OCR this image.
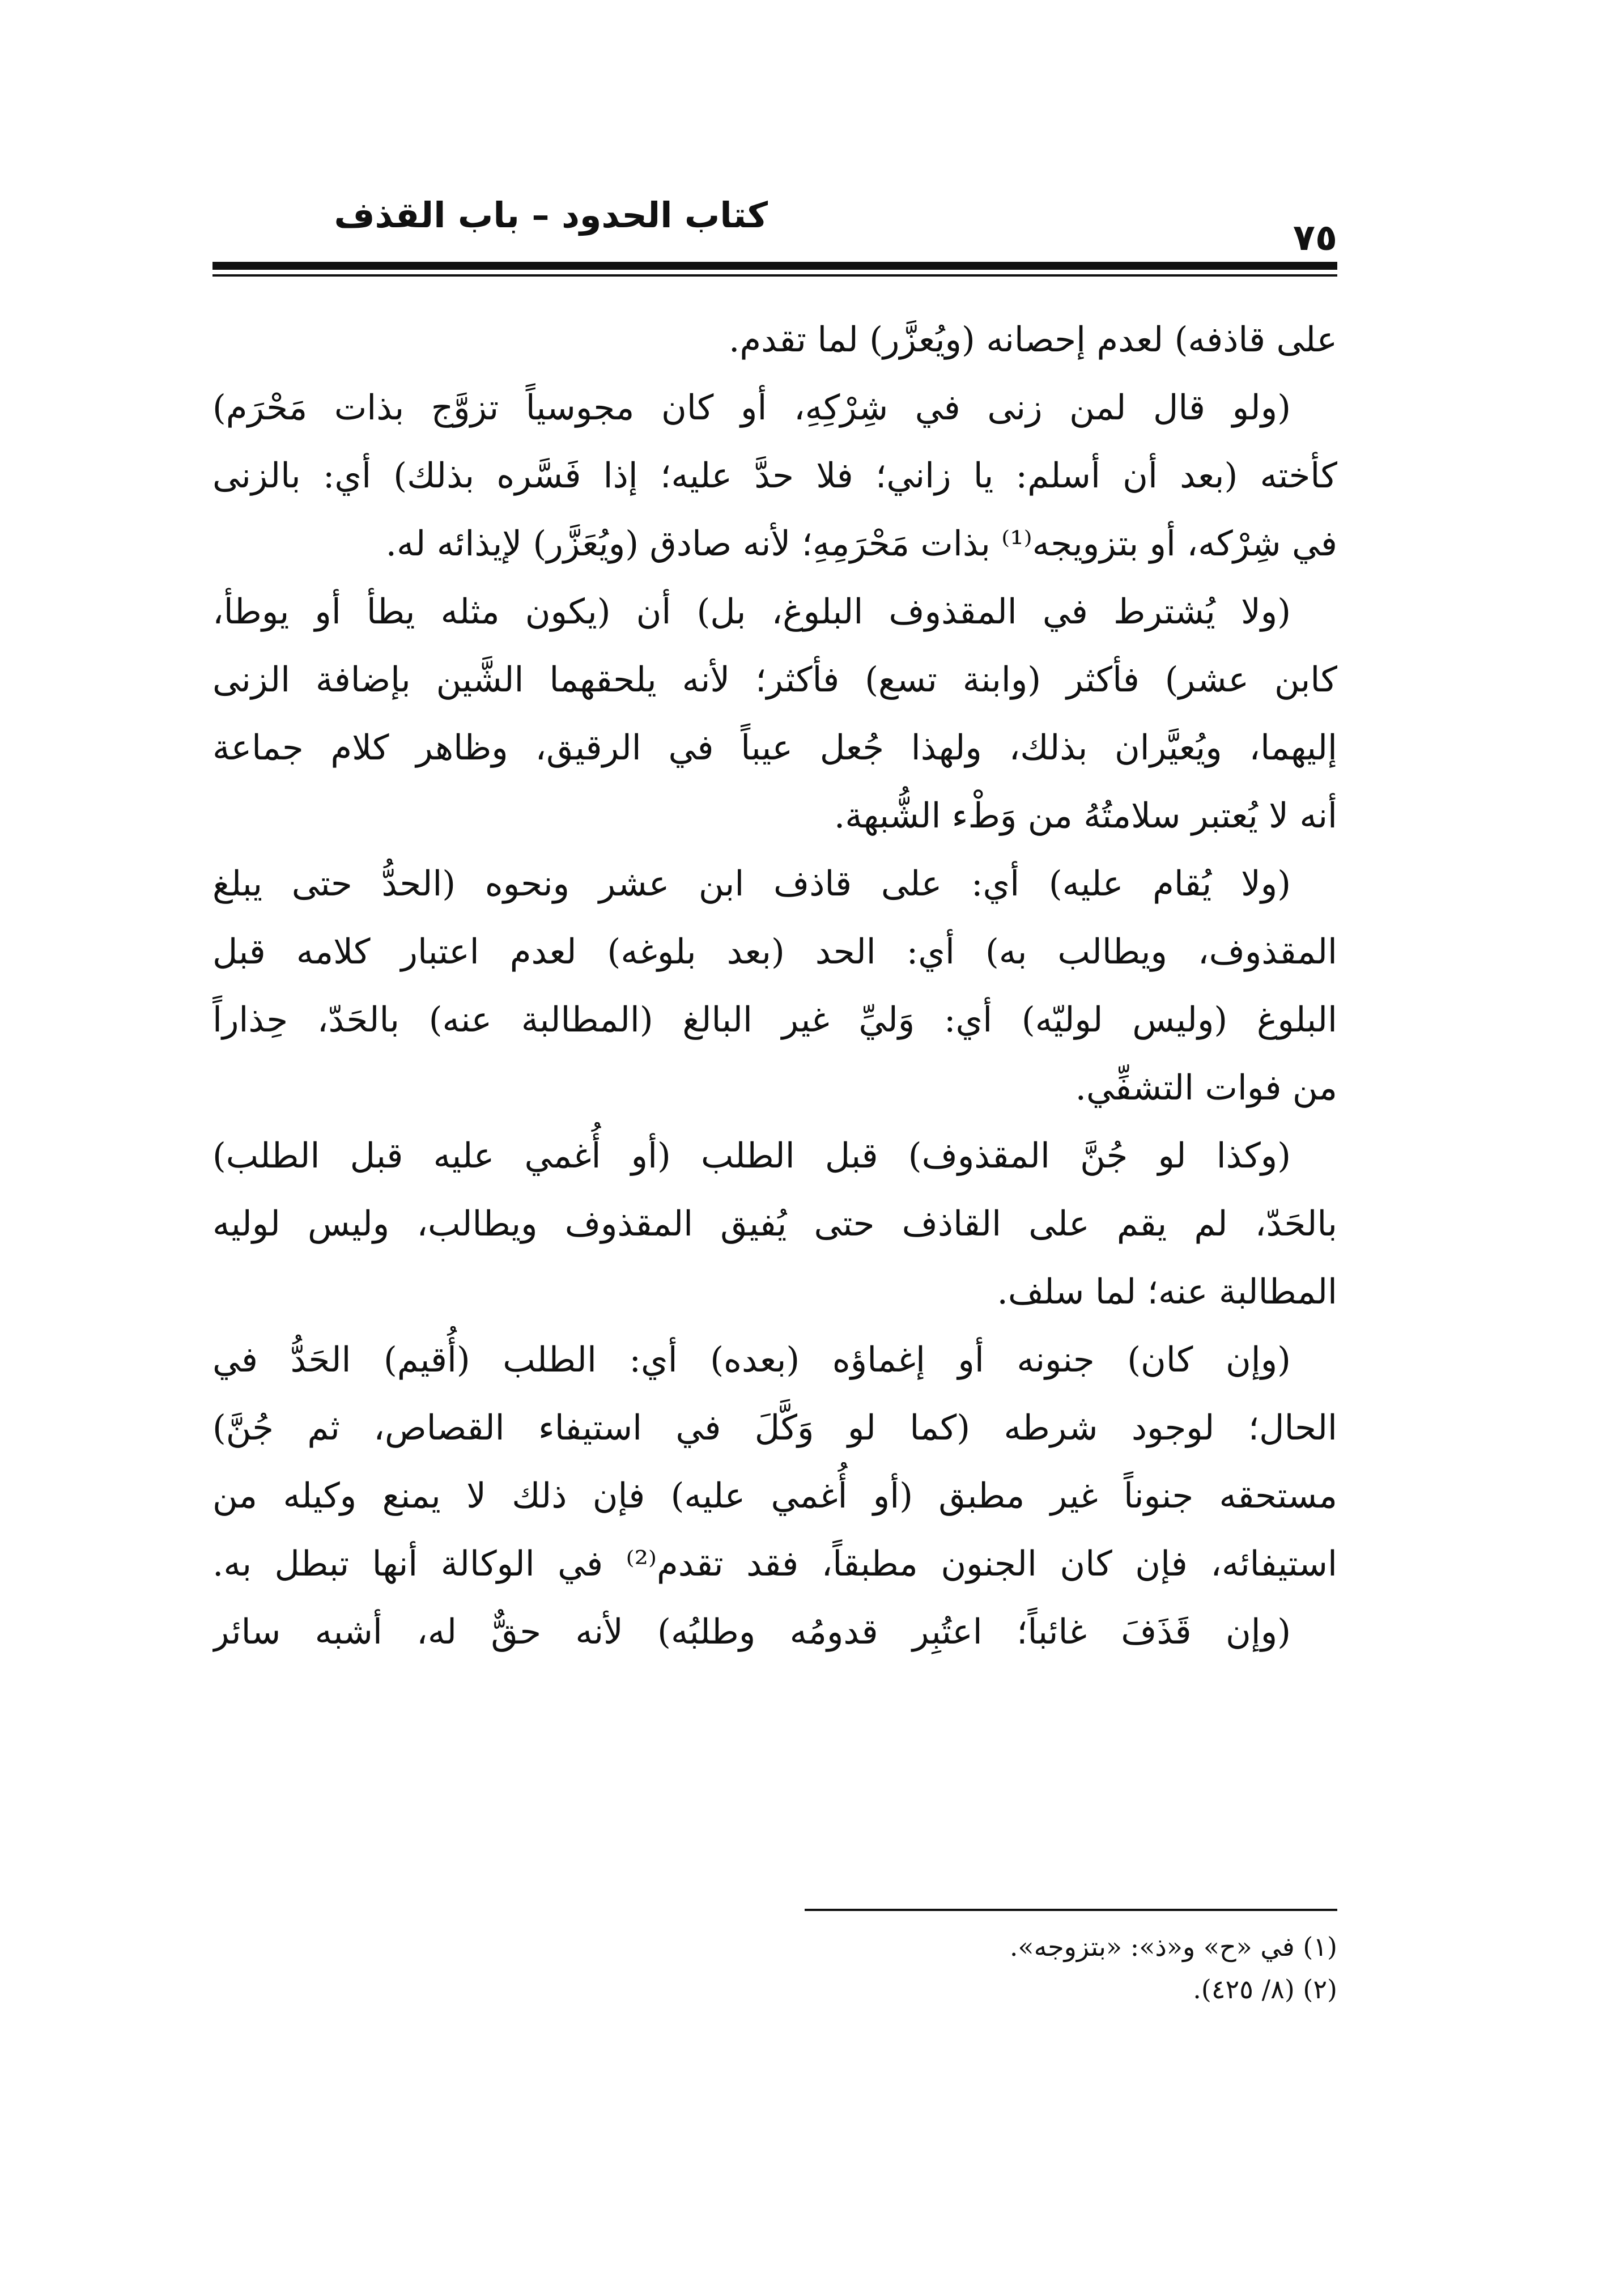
كتاب الحدود – باب القذف
٧٥
على قاذفه) لعدم إحصانه (ويُعزَّر) لما تقدم.
(ولو قال لمن زنى في شِرْكِهِ، أو كان مجوسياً تزوَّج بذات مَحْرَم)
كأخته (بعد أن أسلم: يا زاني؛ فلا حدَّ عليه؛ إذا فَسَّره بذلك) أي: بالزنى
في شِرْكه، أو بتزويجه⁽¹⁾ بذات مَحْرَمِهِ؛ لأنه صادق (ويُعَزَّر) لإيذائه له.
(ولا يُشترط في المقذوف البلوغ، بل) أن (يكون مثله يطأ أو يوطأ،
كابن عشر) فأكثر (وابنة تسع) فأكثر؛ لأنه يلحقهما الشَّين بإضافة الزنى
إليهما، ويُعيَّران بذلك، ولهذا جُعل عيباً في الرقيق، وظاهر كلام جماعة
أنه لا يُعتبر سلامتُهُ من وَطْء الشُّبهة.
(ولا يُقام عليه) أي: على قاذف ابن عشر ونحوه (الحدُّ حتى يبلغ
المقذوف، ويطالب به) أي: الحد (بعد بلوغه) لعدم اعتبار كلامه قبل
البلوغ (وليس لوليّه) أي: وَليِّ غير البالغ (المطالبة عنه) بالحَدّ، حِذاراً
من فوات التشفِّي.
(وكذا لو جُنَّ المقذوف) قبل الطلب (أو أُغمي عليه قبل الطلب)
بالحَدّ، لم يقم على القاذف حتى يُفيق المقذوف ويطالب، وليس لوليه
المطالبة عنه؛ لما سلف.
(وإن كان) جنونه أو إغماؤه (بعده) أي: الطلب (أُقيم) الحَدُّ في
الحال؛ لوجود شرطه (كما لو وَكَّلَ في استيفاء القصاص، ثم جُنَّ)
مستحقه جنوناً غير مطبق (أو أُغمي عليه) فإن ذلك لا يمنع وكيله من
استيفائه، فإن كان الجنون مطبقاً، فقد تقدم⁽²⁾ في الوكالة أنها تبطل به.
(وإن قَذَفَ غائباً؛ اعتُبِر قدومُه وطلبُه) لأنه حقٌّ له، أشبه سائر
(١) في «ح» و«ذ»: «بتزوجه».
(٢) (٨/ ٤٢٥).
